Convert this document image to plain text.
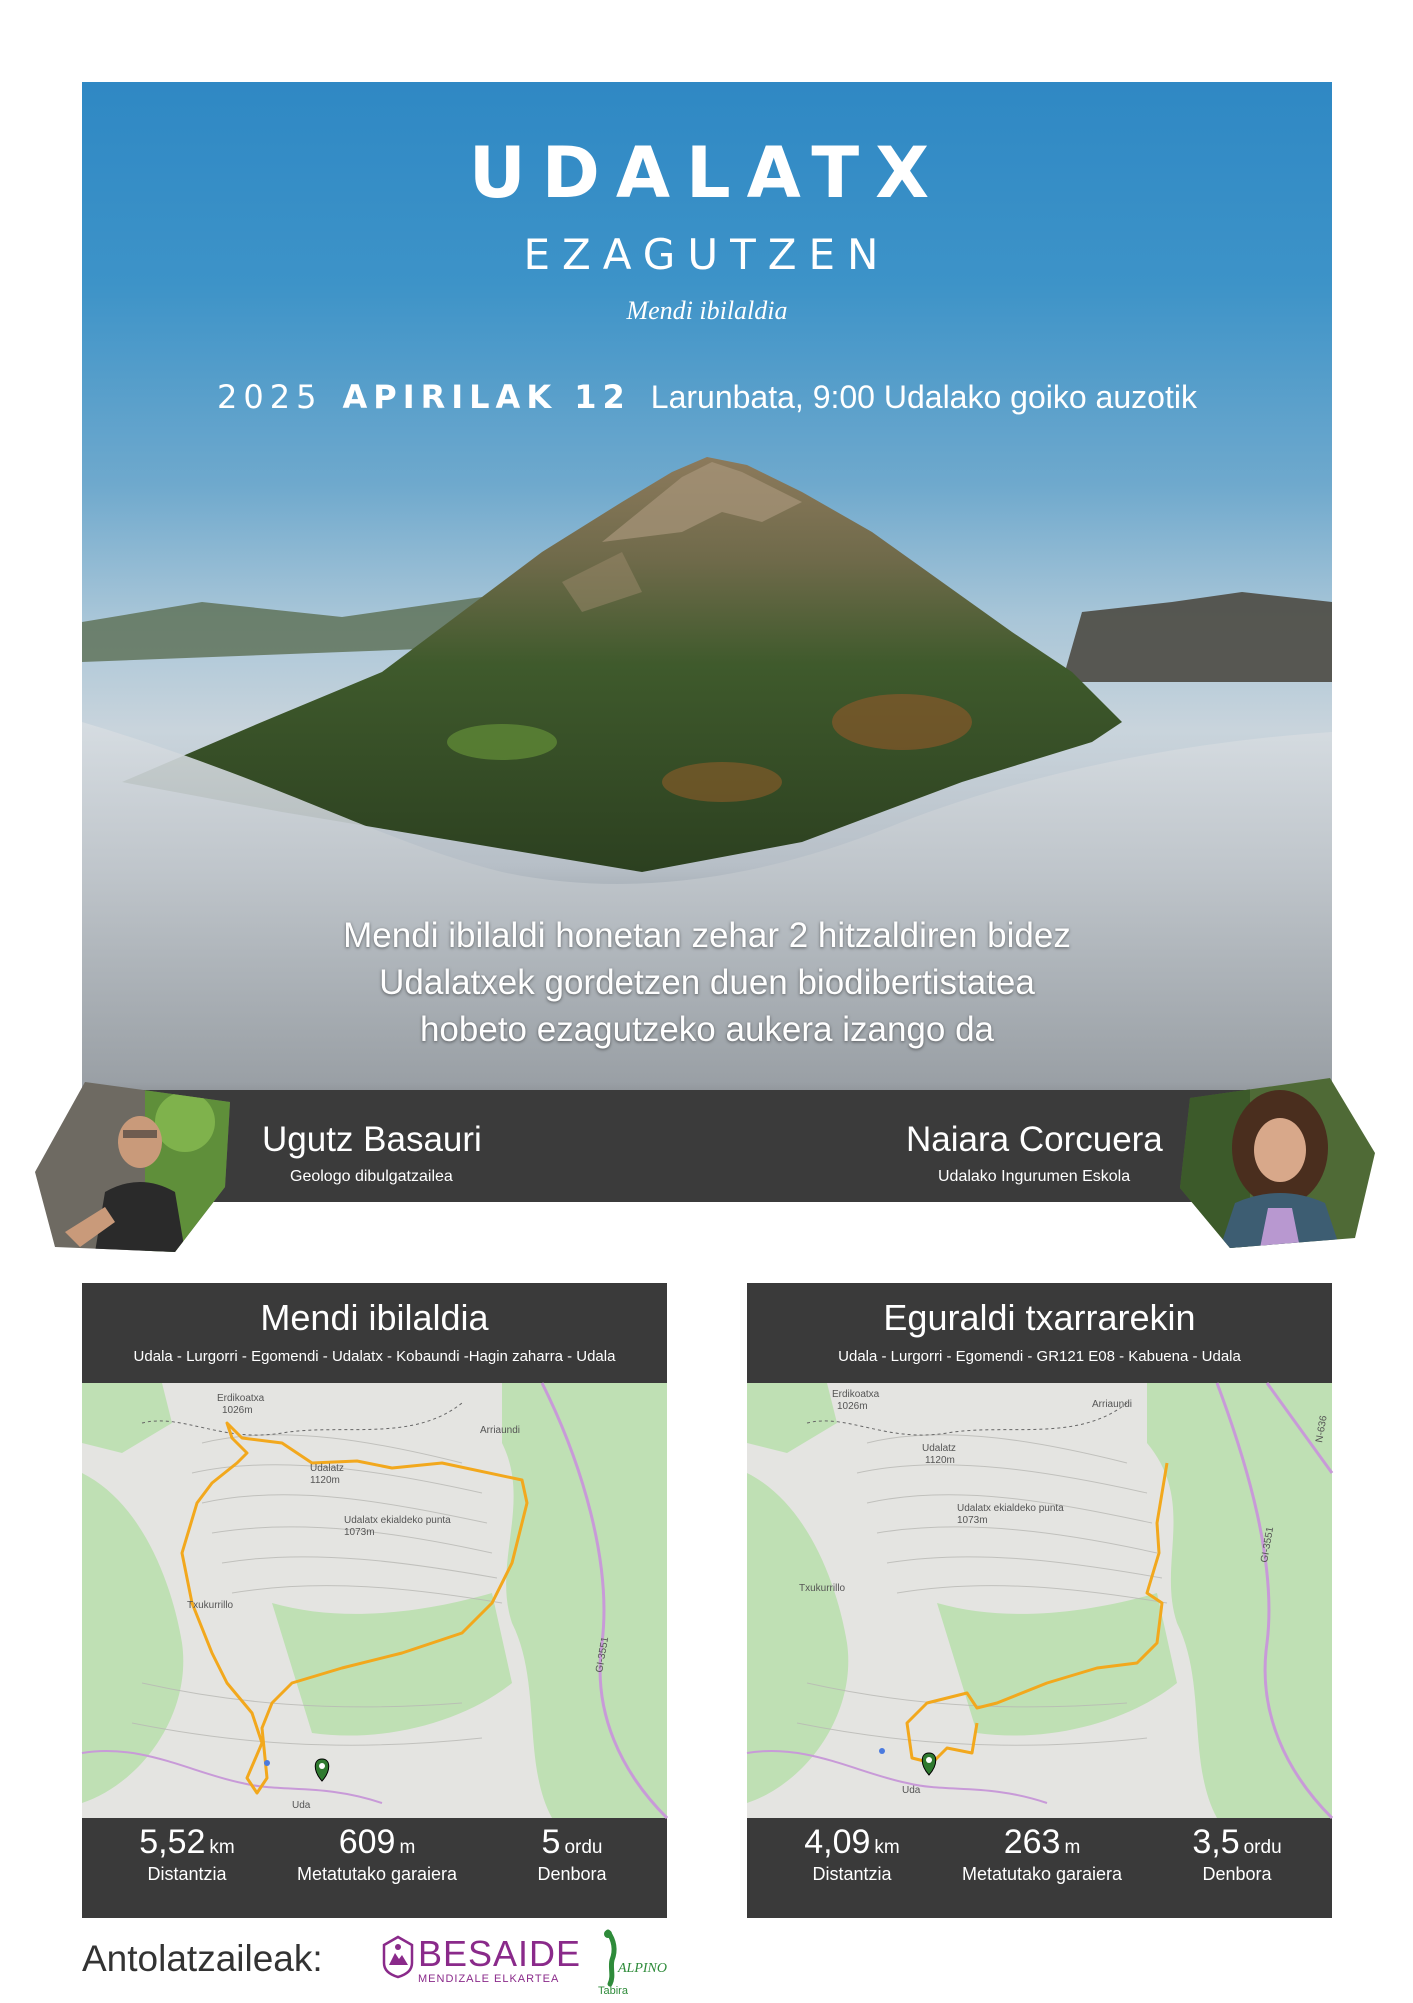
UDALATX
EZAGUTZEN
Mendi ibilaldia
2025 APIRILAK 12 Larunbata, 9:00 Udalako goiko auzotik
Mendi ibilaldi honetan zehar 2 hitzaldiren bidez
Udalatxek gordetzen duen biodibertistatea
hobeto ezagutzeko aukera izango da
Ugutz Basauri
Geologo dibulgatzailea
Naiara Corcuera
Udalako Ingurumen Eskola
Mendi ibilaldia
Udala - Lurgorri - Egomendi - Udalatx - Kobaundi -Hagin zaharra - Udala
Erdikoatxa
1026m
Udalatz
1120m
Arriaundi
Udalatx ekialdeko punta
1073m
Txukurrillo
GI-3551
Uda
5,52 km
Distantzia
609 m
Metatutako garaiera
5 ordu
Denbora
Eguraldi txarrarekin
Udala - Lurgorri - Egomendi - GR121 E08 - Kabuena - Udala
Erdikoatxa
1026m
Udalatz
1120m
Arriaundi
Udalatx ekialdeko punta
1073m
Txukurrillo
GI-3551
N-636
Uda
4,09 km
Distantzia
263 m
Metatutako garaiera
3,5 ordu
Denbora
Antolatzaileak:	BESAIDE
MENDIZALE ELKARTEA
ALPINO
Tabira
